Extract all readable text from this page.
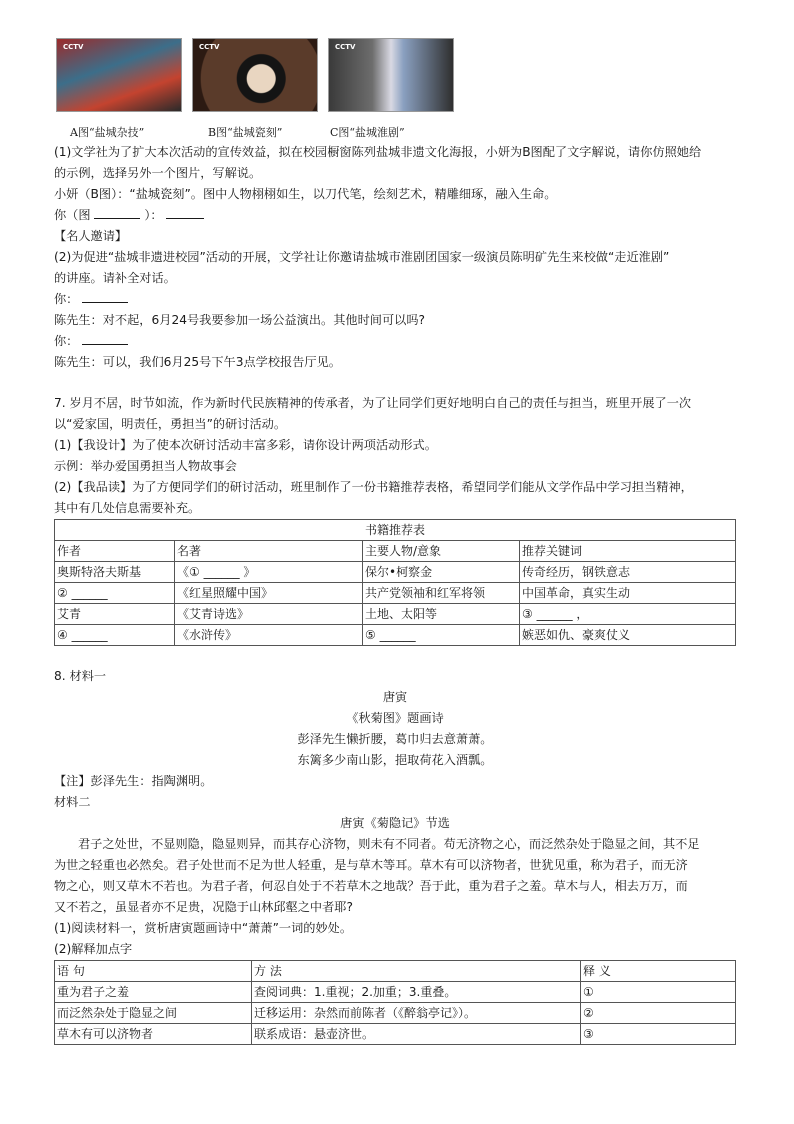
CCTV	CCTV	CCTV
A图“盐城杂技”	B图“盐城瓷刻”	C图“盐城淮剧”
(1)文学社为了扩大本次活动的宣传效益，拟在校园橱窗陈列盐城非遗文化海报，小妍为B图配了文字解说，请你仿照她给
的示例，选择另外一个图片，写解说。
小妍（B图）：“盐城瓷刻”。图中人物栩栩如生，以刀代笔，绘刻艺术，精雕细琢，融入生命。
你（图	）：
【名人邀请】
(2)为促进“盐城非遗进校园”活动的开展，文学社让你邀请盐城市淮剧团国家一级演员陈明矿先生来校做“走近淮剧”
的讲座。请补全对话。
你：
陈先生：对不起，6月24号我要参加一场公益演出。其他时间可以吗?
你：
陈先生：可以，我们6月25号下午3点学校报告厅见。
7. 岁月不居，时节如流，作为新时代民族精神的传承者，为了让同学们更好地明白自己的责任与担当，班里开展了一次
以“爱家国，明责任，勇担当”的研讨活动。
(1)【我设计】为了使本次研讨活动丰富多彩，请你设计两项活动形式。
示例：举办爱国勇担当人物故事会
(2)【我品读】为了方便同学们的研讨活动，班里制作了一份书籍推荐表格，希望同学们能从文学作品中学习担当精神，
其中有几处信息需要补充。
书籍推荐表			
作者	名著	主要人物/意象	推荐关键词
奥斯特洛夫斯基	《① ______ 》	保尔•柯察金	传奇经历，钢铁意志
② ______	《红星照耀中国》	共产党领袖和红军将领	中国革命，真实生动
艾青	《艾青诗选》	土地、太阳等	③ ______ ，
④ ______	《水浒传》	⑤ ______	嫉恶如仇、豪爽仗义
8. 材料一
唐寅
《秋菊图》题画诗
彭泽先生懒折腰，葛巾归去意萧萧。
东篱多少南山影，挹取荷花入酒瓢。
【注】彭泽先生：指陶渊明。
材料二
唐寅《菊隐记》节选
君子之处世，不显则隐，隐显则异，而其存心济物，则未有不同者。苟无济物之心，而泛然杂处于隐显之间，其不足
为世之轻重也必然矣。君子处世而不足为世人轻重，是与草木等耳。草木有可以济物者，世犹见重，称为君子，而无济
物之心，则又草木不若也。为君子者，何忍自处于不若草木之地哉？吾于此，重为君子之羞。草木与人，相去万万，而
又不若之，虽显者亦不足贵，况隐于山林邱壑之中者耶?
(1)阅读材料一，赏析唐寅题画诗中“萧萧”一词的妙处。
(2)解释加点字
语 句	方 法	释 义
重为君子之羞	查阅词典：1.重视；2.加重；3.重叠。	①
而泛然杂处于隐显之间	迁移运用：杂然而前陈者（《醉翁亭记》）。	②
草木有可以济物者	联系成语：悬壶济世。	③
